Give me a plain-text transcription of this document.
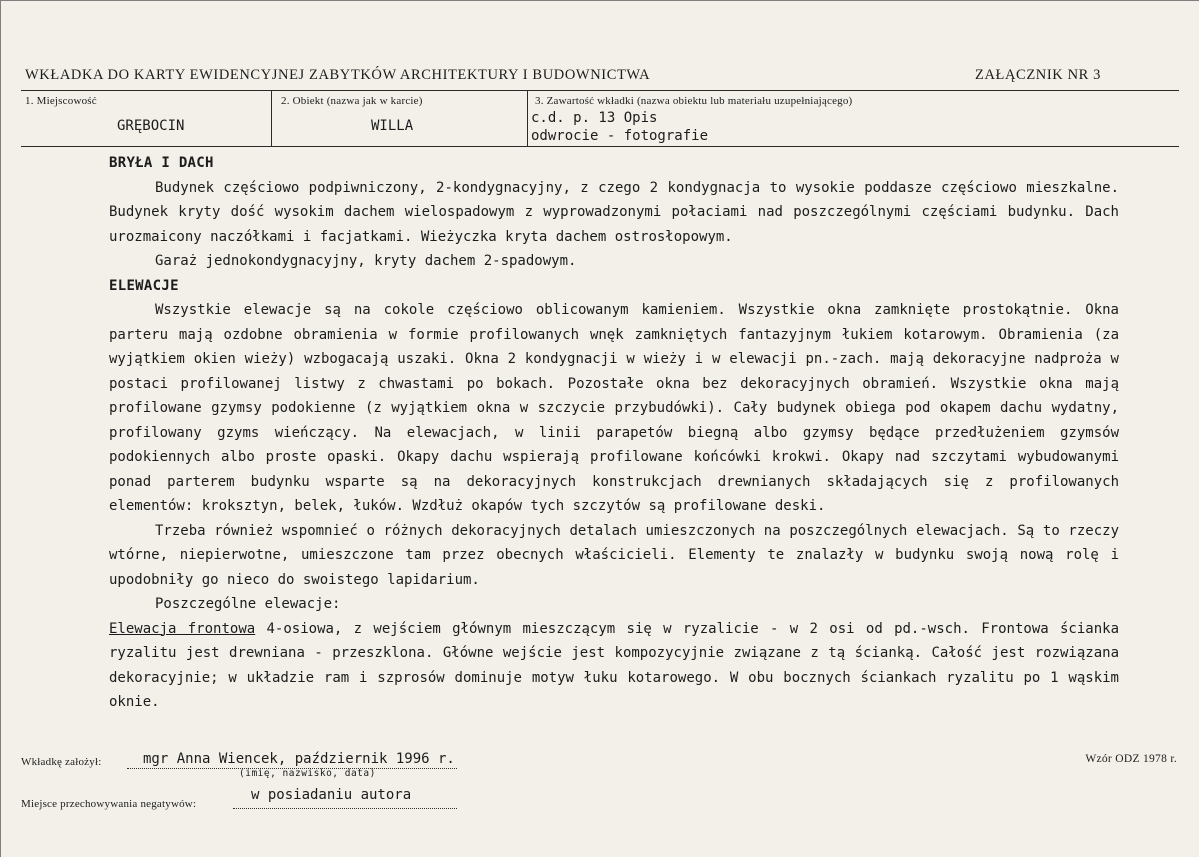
WKŁADKA DO KARTY EWIDENCYJNEJ ZABYTKÓW ARCHITEKTURY I BUDOWNICTWA	ZAŁĄCZNIK NR 3
1. Miejscowość
GRĘBOCIN
2. Obiekt (nazwa jak w karcie)
WILLA
3. Zawartość wkładki (nazwa obiektu lub materiału uzupełniającego)
c.d. p. 13 Opis
odwrocie - fotografie

BRYŁA I DACH

Budynek częściowo podpiwniczony, 2-kondygnacyjny, z czego 2 kondygnacja to wysokie poddasze częściowo mieszkalne. Budynek kryty dość wysokim dachem wielospadowym z wyprowadzonymi połaciami nad poszczególnymi częściami budynku. Dach urozmaicony naczółkami i facjatkami. Wieżyczka kryta dachem ostrosłopowym.

Garaż jednokondygnacyjny, kryty dachem 2-spadowym.

ELEWACJE

Wszystkie elewacje są na cokole częściowo oblicowanym kamieniem. Wszystkie okna zamknięte prostokątnie. Okna parteru mają ozdobne obramienia w formie profilowanych wnęk zamkniętych fantazyjnym łukiem kotarowym. Obramienia (za wyjątkiem okien wieży) wzbogacają uszaki. Okna 2 kondygnacji w wieży i w elewacji pn.-zach. mają dekoracyjne nadproża w postaci profilowanej listwy z chwastami po bokach. Pozostałe okna bez dekoracyjnych obramień. Wszystkie okna mają profilowane gzymsy podokienne (z wyjątkiem okna w szczycie przybudówki). Cały budynek obiega pod okapem dachu wydatny, profilowany gzyms wieńczący. Na elewacjach, w linii parapetów biegną albo gzymsy będące przedłużeniem gzymsów podokiennych albo proste opaski. Okapy dachu wspierają profilowane końcówki krokwi. Okapy nad szczytami wybudowanymi ponad parterem budynku wsparte są na dekoracyjnych konstrukcjach drewnianych składających się z profilowanych elementów: kroksztyn, belek, łuków. Wzdłuż okapów tych szczytów są profilowane deski.

Trzeba również wspomnieć o różnych dekoracyjnych detalach umieszczonych na poszczególnych elewacjach. Są to rzeczy wtórne, niepierwotne, umieszczone tam przez obecnych właścicieli. Elementy te znalazły w budynku swoją nową rolę i upodobniły go nieco do swoistego lapidarium.

Poszczególne elewacje:

Elewacja frontowa 4-osiowa, z wejściem głównym mieszczącym się w ryzalicie - w 2 osi od pd.-wsch. Frontowa ścianka ryzalitu jest drewniana - przeszklona. Główne wejście jest kompozycyjnie związane z tą ścianką. Całość jest rozwiązana dekoracyjnie; w układzie ram i szprosów dominuje motyw łuku kotarowego. W obu bocznych ściankach ryzalitu po 1 wąskim oknie.

Wkładkę założył:	mgr Anna Wiencek, październik 1996 r.
(imię, nazwisko, data)
Miejsce przechowywania negatywów:
w posiadaniu autora
Wzór ODZ 1978 r.
